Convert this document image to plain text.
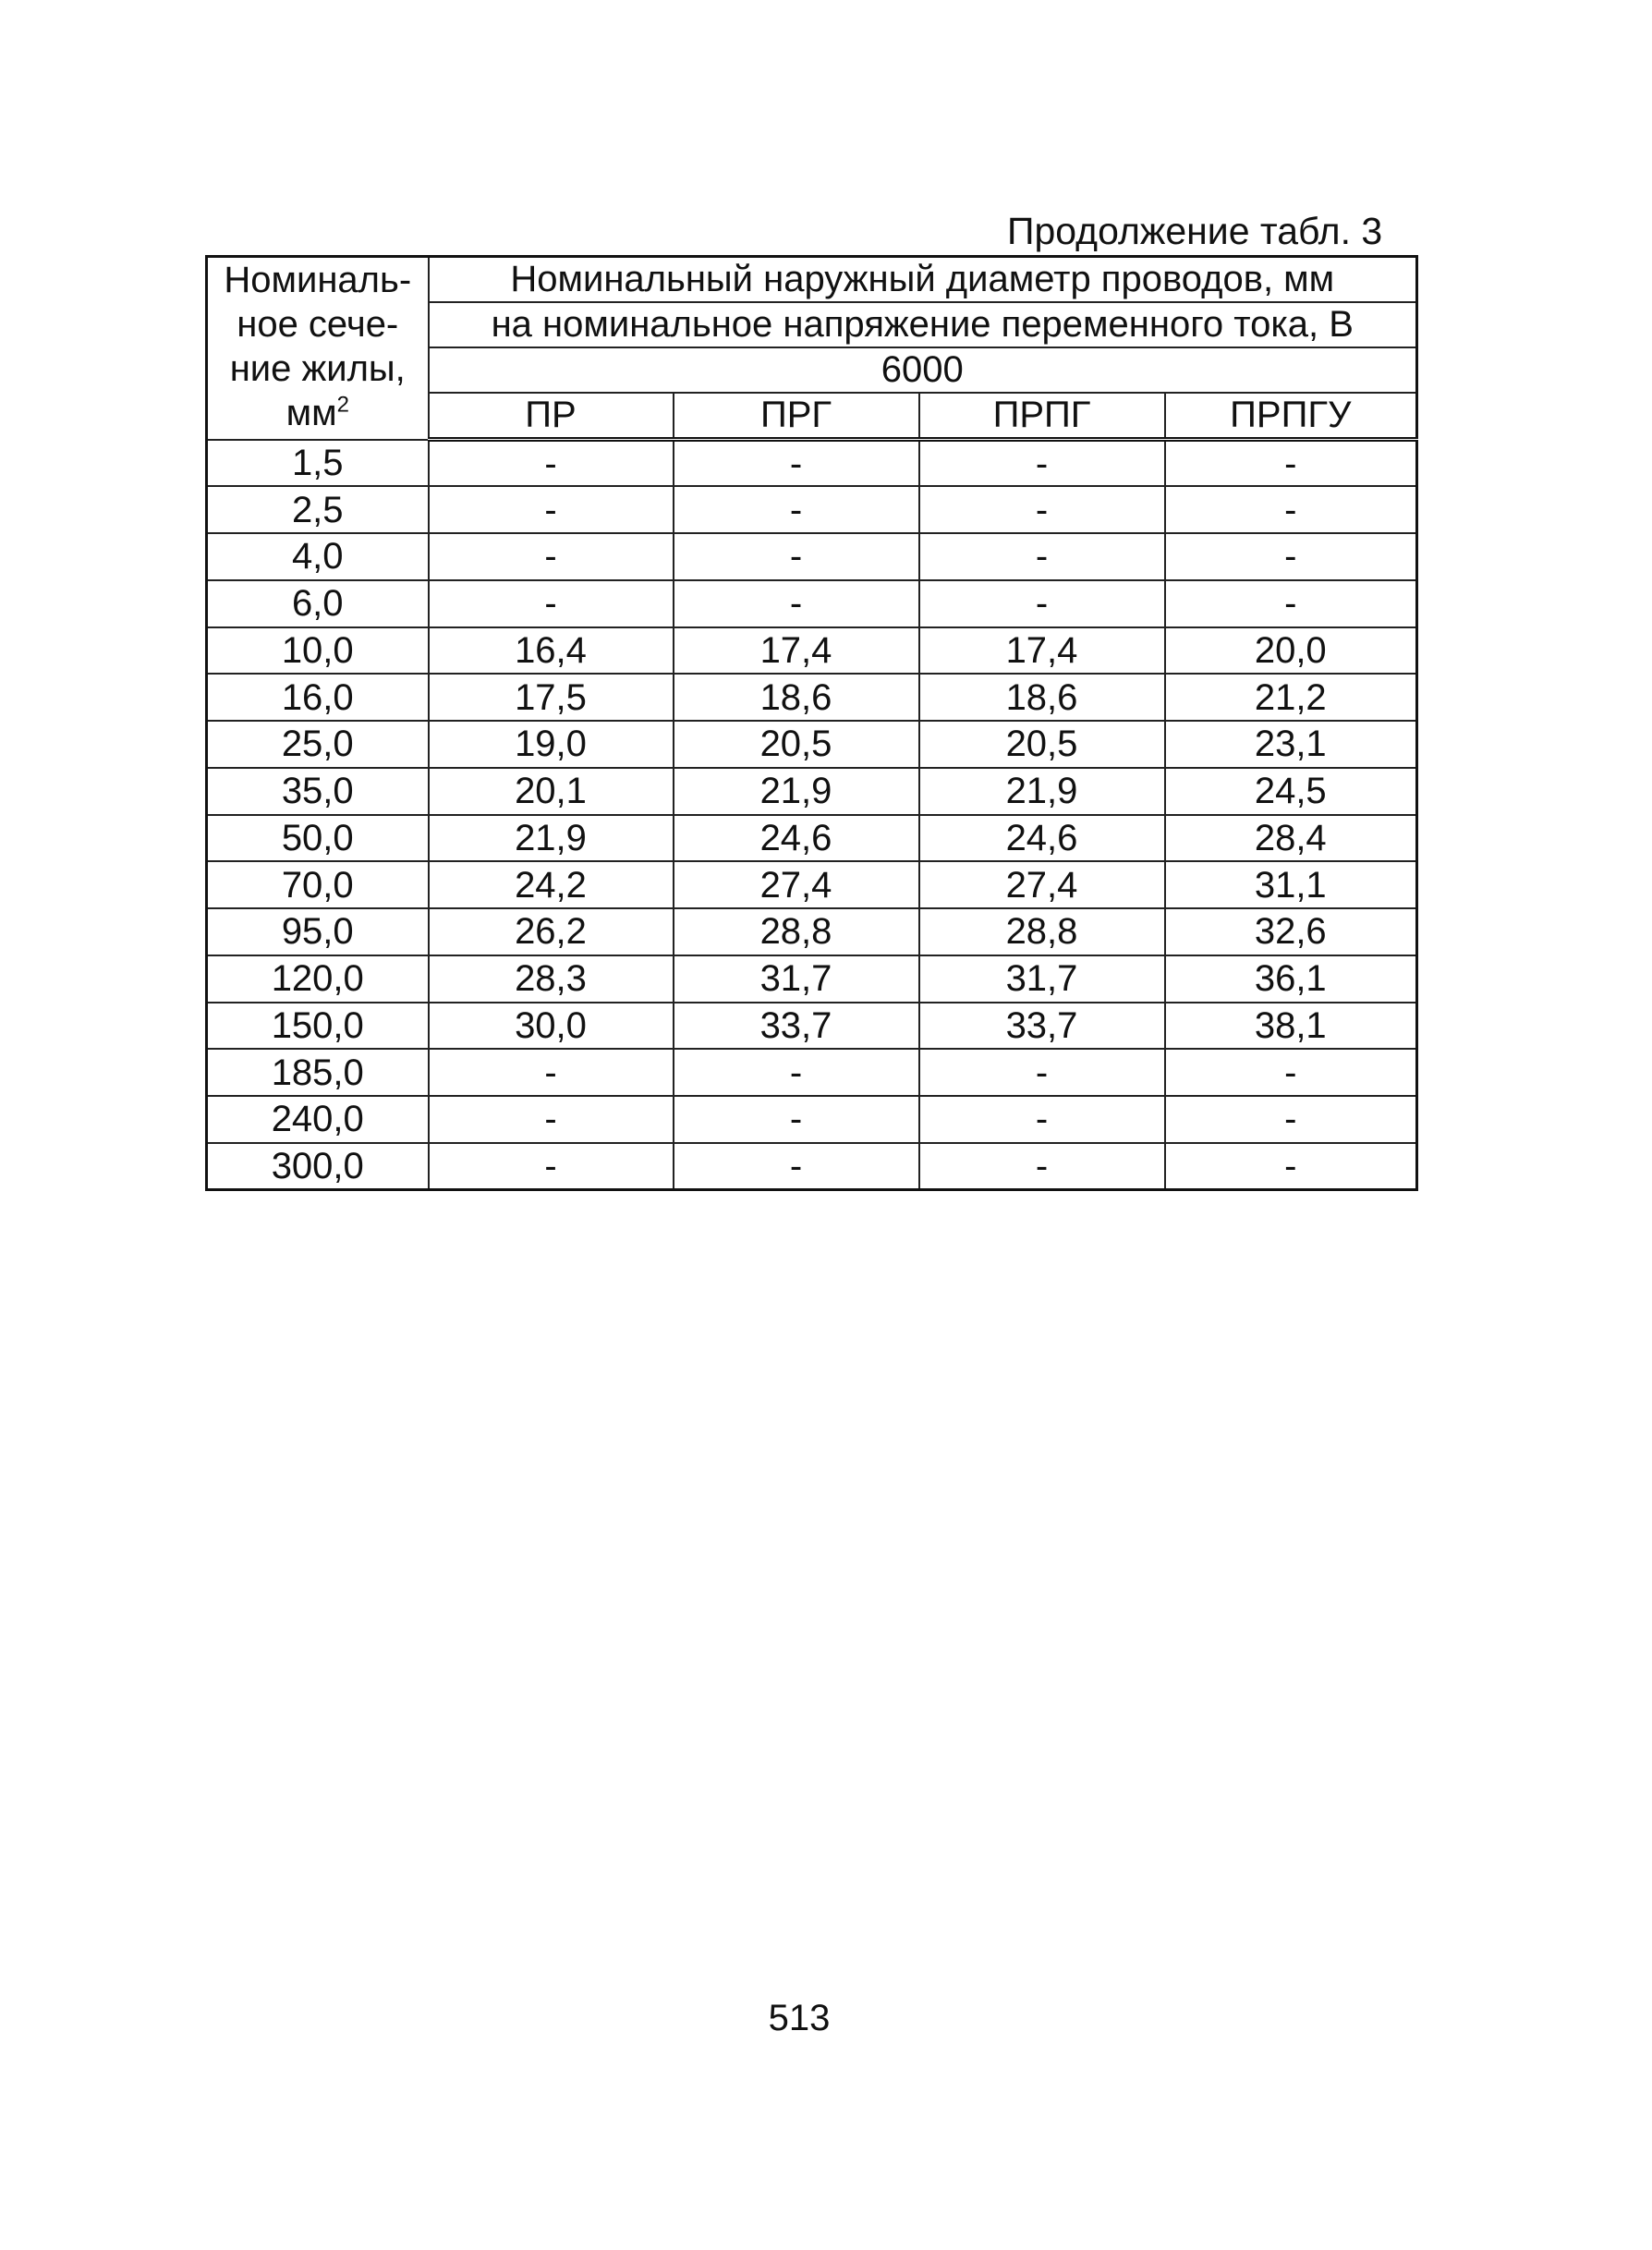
Продолжение табл. 3
Номиналь-
ное сече-
ние жилы,
$мм^2$	Номинальный наружный диаметр проводов, мм			
	на номинальное напряжение переменного тока, В			
	6000			
	ПР	ПРГ	ПРПГ	ПРПГУ
1,5	-	-	-	-
2,5	-	-	-	-
4,0	-	-	-	-
6,0	-	-	-	-
10,0	16,4	17,4	17,4	20,0
16,0	17,5	18,6	18,6	21,2
25,0	19,0	20,5	20,5	23,1
35,0	20,1	21,9	21,9	24,5
50,0	21,9	24,6	24,6	28,4
70,0	24,2	27,4	27,4	31,1
95,0	26,2	28,8	28,8	32,6
120,0	28,3	31,7	31,7	36,1
150,0	30,0	33,7	33,7	38,1
185,0	-	-	-	-
240,0	-	-	-	-
300,0	-	-	-	-
513
